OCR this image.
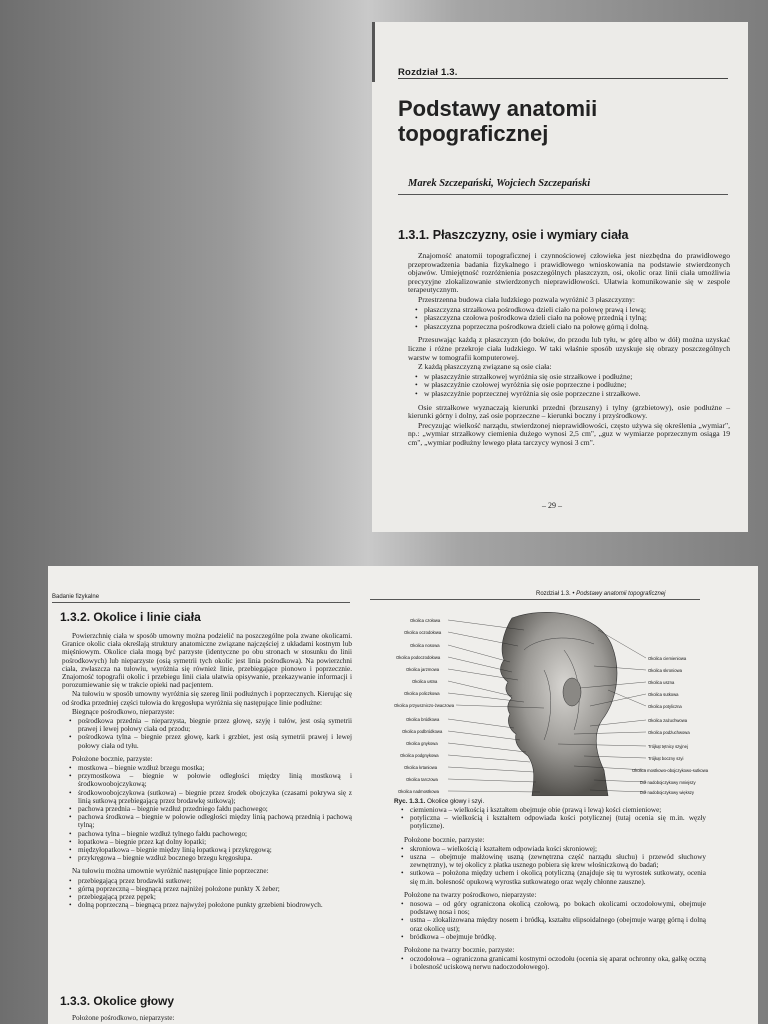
Rozdział 1.3.
Podstawy anatomii topograficznej
Marek Szczepański, Wojciech Szczepański
1.3.1. Płaszczyzny, osie i wymiary ciała

Znajomość anatomii topograficznej i czynnościowej człowieka jest niezbędna do prawidłowego przeprowadzenia badania fizykalnego i prawidłowego wnioskowania na podstawie stwierdzonych objawów. Umiejętność rozróżnienia poszczególnych płaszczyzn, osi, okolic oraz linii ciała umożliwia precyzyjne zlokalizowanie stwierdzonych nieprawidłowości. Ułatwia komunikowanie się w zespole terapeutycznym.

Przestrzenna budowa ciała ludzkiego pozwala wyróżnić 3 płaszczyzny:

• płaszczyzna strzałkowa pośrodkowa dzieli ciało na połowę prawą i lewą;
• płaszczyzna czołowa pośrodkowa dzieli ciało na połowę przednią i tylną;
• płaszczyzna poprzeczna pośrodkowa dzieli ciało na połowę górną i dolną.

Przesuwając każdą z płaszczyzn (do boków, do przodu lub tyłu, w górę albo w dół) można uzyskać liczne i różne przekroje ciała ludzkiego. W taki właśnie sposób uzyskuje się obrazy poszczególnych warstw w tomografii komputerowej.

Z każdą płaszczyzną związane są osie ciała:

• w płaszczyźnie strzałkowej wyróżnia się osie strzałkowe i podłużne;
• w płaszczyźnie czołowej wyróżnia się osie poprzeczne i podłużne;
• w płaszczyźnie poprzecznej wyróżnia się osie poprzeczne i strzałkowe.

Osie strzałkowe wyznaczają kierunki przedni (brzuszny) i tylny (grzbietowy), osie podłużne – kierunki górny i dolny, zaś osie poprzeczne – kierunki boczny i przyśrodkowy.

Precyzując wielkość narządu, stwierdzonej nieprawidłowości, często używa się określenia „wymiar", np.: „wymiar strzałkowy ciemienia dużego wynosi 2,5 cm", „guz w wymiarze poprzecznym osiąga 19 cm", „wymiar podłużny lewego płata tarczycy wynosi 3 cm".

– 29 –
Badanie fizykalne	Rozdział 1.3. • Podstawy anatomii topograficznej
1.3.2. Okolice i linie ciała

Powierzchnię ciała w sposób umowny można podzielić na poszczególne pola zwane okolicami. Granice okolic ciała określają struktury anatomiczne związane najczęściej z układami kostnym lub mięśniowym. Okolice ciała mogą być parzyste (identyczne po obu stronach w stosunku do linii pośrodkowych) lub nieparzyste (osią symetrii tych okolic jest linia pośrodkowa). Na powierzchni ciała, zwłaszcza na tułowiu, wyróżnia się również linie, przebiegające pionowo i poprzecznie. Znajomość topografii okolic i przebiegu linii ciała ułatwia opisywanie, przekazywanie informacji i porozumiewanie się w trakcie opieki nad pacjentem.

Na tułowiu w sposób umowny wyróżnia się szereg linii podłużnych i poprzecznych. Kierując się od środka przedniej części tułowia do kręgosłupa wyróżnia się następujące linie podłużne:

Biegnące pośrodkowo, nieparzyste:

• pośrodkowa przednia – nieparzysta, biegnie przez głowę, szyję i tułów, jest osią symetrii prawej i lewej połowy ciała od przodu;
• pośrodkowa tylna – biegnie przez głowę, kark i grzbiet, jest osią symetrii prawej i lewej połowy ciała od tyłu.

Położone bocznie, parzyste:

• mostkowa – biegnie wzdłuż brzegu mostka;
• przymostkowa – biegnie w połowie odległości między linią mostkową i środkowoobojczykową;
• środkowoobojczykowa (sutkowa) – biegnie przez środek obojczyka (czasami pokrywa się z linią sutkową przebiegającą przez brodawkę sutkową);
• pachowa przednia – biegnie wzdłuż przedniego fałdu pachowego;
• pachowa środkowa – biegnie w połowie odległości między linią pachową przednią i pachową tylną;
• pachowa tylna – biegnie wzdłuż tylnego fałdu pachowego;
• łopatkowa – biegnie przez kąt dolny łopatki;
• międzyłopatkowa – biegnie między linią łopatkową i przykręgową;
• przykręgowa – biegnie wzdłuż bocznego brzegu kręgosłupa.

Na tułowiu można umownie wyróżnić następujące linie poprzeczne:

• przebiegającą przez brodawki sutkowe;
• górną poprzeczną – biegnącą przez najniżej położone punkty X żeber;
• przebiegającą przez pępek;
• dolną poprzeczną – biegnącą przez najwyżej położone punkty grzebieni biodrowych.
1.3.3. Okolice głowy

Położone pośrodkowo, nieparzyste:

Okolica czołowa
Okolica oczodołowa
Okolica nosowa
Okolica podoczodołowa
Okolica jarzmowa
Okolica ustna
Okolica policzkowa
Okolica przyuszniczo-żwaczowa
Okolica bródkowa
Okolica podbródkowa
Okolica gnykowa
Okolica podgnykowa
Okolica krtaniowa
Okolica tarczowa
Okolica nadmostkowa
Okolica ciemieniowa
Okolica skroniowa
Okolica uszna
Okolica sutkowa
Okolica potyliczna
Okolica zażuchwowa
Okolica podżuchwowa
Trójkąt tętnicy szyjnej
Trójkąt boczny szyi
Okolica mostkowo-obojczykowo-sutkowa
Dół nadobojczykowy mniejszy
Dół nadobojczykowy większy
Ryc. 1.3.1. Okolice głowy i szyi.
• ciemieniowa – wielkością i kształtem obejmuje obie (prawą i lewą) kości ciemieniowe;
• potyliczna – wielkością i kształtem odpowiada kości potylicznej (tutaj ocenia się m.in. węzły potyliczne).

Położone bocznie, parzyste:

• skroniowa – wielkością i kształtem odpowiada kości skroniowej;
• uszna – obejmuje małżowinę uszną (zewnętrzna część narządu słuchu) i przewód słuchowy zewnętrzny), w tej okolicy z płatka usznego pobiera się krew włośniczkową do badań;
• sutkowa – położona między uchem i okolicą potyliczną (znajduje się tu wyrostek sutkowaty, ocenia się m.in. bolesność opukową wyrostka sutkowatego oraz węzły chłonne zauszne).

Położone na twarzy pośrodkowo, nieparzyste:

• nosowa – od góry ograniczona okolicą czołową, po bokach okolicami oczodołowymi, obejmuje podstawę nosa i nos;
• ustna – zlokalizowana między nosem i bródką, kształtu elipsoidalnego (obejmuje wargę górną i dolną oraz okolicę ust);
• bródkowa – obejmuje bródkę.

Położone na twarzy bocznie, parzyste:

• oczodołowa – ograniczona granicami kostnymi oczodołu (ocenia się aparat ochronny oka, gałkę oczną i bolesność uciskową nerwu nadoczodołowego).
